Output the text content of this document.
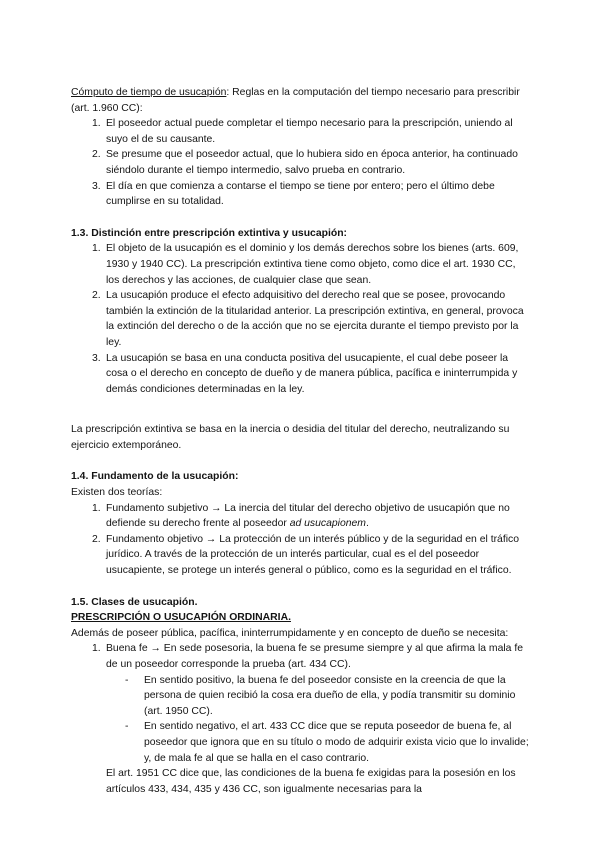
Cómputo de tiempo de usucapión: Reglas en la computación del tiempo necesario para prescribir (art. 1.960 CC):

1. El poseedor actual puede completar el tiempo necesario para la prescripción, uniendo al suyo el de su causante.
2. Se presume que el poseedor actual, que lo hubiera sido en época anterior, ha continuado siéndolo durante el tiempo intermedio, salvo prueba en contrario.
3. El día en que comienza a contarse el tiempo se tiene por entero; pero el último debe cumplirse en su totalidad.

1.3. Distinción entre prescripción extintiva y usucapión:

1. El objeto de la usucapión es el dominio y los demás derechos sobre los bienes (arts. 609, 1930 y 1940 CC). La prescripción extintiva tiene como objeto, como dice el art. 1930 CC, los derechos y las acciones, de cualquier clase que sean.
2. La usucapión produce el efecto adquisitivo del derecho real que se posee, provocando también la extinción de la titularidad anterior. La prescripción extintiva, en general, provoca la extinción del derecho o de la acción que no se ejercita durante el tiempo previsto por la ley.
3. La usucapión se basa en una conducta positiva del usucapiente, el cual debe poseer la cosa o el derecho en concepto de dueño y de manera pública, pacífica e ininterrumpida y demás condiciones determinadas en la ley.

La prescripción extintiva se basa en la inercia o desidia del titular del derecho, neutralizando su ejercicio extemporáneo.

1.4. Fundamento de la usucapión:

Existen dos teorías:

1. Fundamento subjetivo → La inercia del titular del derecho objetivo de usucapión que no defiende su derecho frente al poseedor ad usucapionem.
2. Fundamento objetivo → La protección de un interés público y de la seguridad en el tráfico jurídico. A través de la protección de un interés particular, cual es el del poseedor usucapiente, se protege un interés general o público, como es la seguridad en el tráfico.

1.5. Clases de usucapión.

PRESCRIPCIÓN O USUCAPIÓN ORDINARIA.

Además de poseer pública, pacífica, ininterrumpidamente y en concepto de dueño se necesita:

1. Buena fe → En sede posesoria, la buena fe se presume siempre y al que afirma la mala fe de un poseedor corresponde la prueba (art. 434 CC).
- En sentido positivo, la buena fe del poseedor consiste en la creencia de que la persona de quien recibió la cosa era dueño de ella, y podía transmitir su dominio (art. 1950 CC).
- En sentido negativo, el art. 433 CC dice que se reputa poseedor de buena fe, al poseedor que ignora que en su título o modo de adquirir exista vicio que lo invalide; y, de mala fe al que se halla en el caso contrario.

El art. 1951 CC dice que, las condiciones de la buena fe exigidas para la posesión en los artículos 433, 434, 435 y 436 CC, son igualmente necesarias para la
